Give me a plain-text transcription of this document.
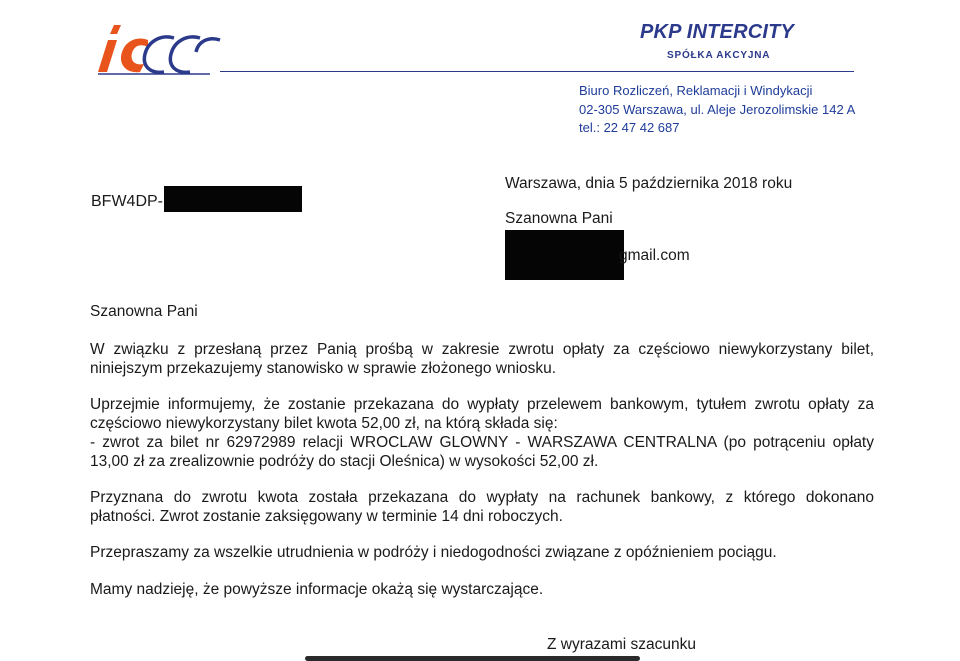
PKP INTERCITY
SPÓŁKA AKCYJNA
Biuro Rozliczeń, Reklamacji i Windykacji
02-305 Warszawa, ul. Aleje Jerozolimskie 142 A
tel.: 22 47 42 687
BFW4DP-
Warszawa, dnia 5 października 2018 roku
Szanowna Pani
gmail.com
Szanowna Pani
W związku z przesłaną przez Panią prośbą w zakresie zwrotu opłaty za częściowo niewykorzystany bilet,
niniejszym przekazujemy stanowisko w sprawie złożonego wniosku.
Uprzejmie informujemy, że zostanie przekazana do wypłaty przelewem bankowym, tytułem zwrotu opłaty za
częściowo niewykorzystany bilet kwota 52,00 zł, na którą składa się:
- zwrot za bilet nr 62972989 relacji WROCLAW GLOWNY - WARSZAWA CENTRALNA (po potrąceniu opłaty
13,00 zł za zrealizownie podróży do stacji Oleśnica) w wysokości 52,00 zł.
Przyznana do zwrotu kwota została przekazana do wypłaty na rachunek bankowy, z którego dokonano
płatności. Zwrot zostanie zaksięgowany w terminie 14 dni roboczych.
Przepraszamy za wszelkie utrudnienia w podróży i niedogodności związane z opóźnieniem pociągu.
Mamy nadzieję, że powyższe informacje okażą się wystarczające.
Z wyrazami szacunku
